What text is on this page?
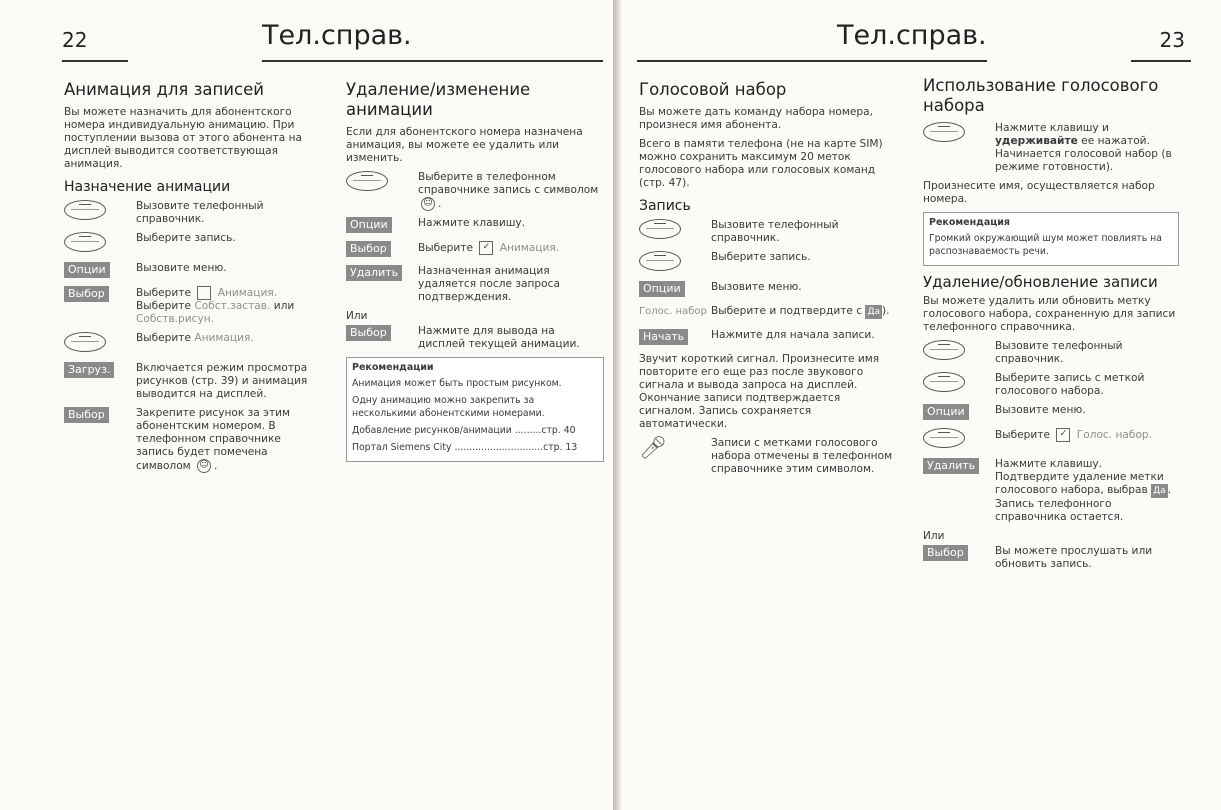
22	Тел.справ.
Анимация для записей

Вы можете назначить для абонентского номера индивидуальную анимацию. При поступлении вызова от этого абонента на дисплей выводится соответствующая анимация.

Назначение анимации
Вызовите телефонный справочник.
Выберите запись.
Опции	Вызовите меню.
Выбор	Выберите	Анимация.
Выберите Собст.застав. или
Собств.рисун.
Выберите Анимация.
Загруз.	Включается режим просмотра рисунков (стр. 39) и анимация выводится на дисплей.
Выбор	Закрепите рисунок за этим абонентским номером. В телефонном справочнике запись будет помечена символом ☺ .
Удаление/изменение анимации

Если для абонентского номера назначена анимация, вы можете ее удалить или изменить.

Выберите в телефонном справочнике запись с символом ☺ .
Опции	Нажмите клавишу.
Выбор	Выберите ✓ Анимация.
Удалить	Назначенная анимация удаляется после запроса подтверждения.
Или
Выбор	Нажмите для вывода на дисплей текущей анимации.
Рекомендации
Анимация может быть простым рисунком.
Одну анимацию можно закрепить за несколькими абонентскими номерами.
Добавление рисунков/анимации .........стр. 40
Портал Siemens City ..............................стр. 13
Тел.справ.	23
Голосовой набор

Вы можете дать команду набора номера, произнеся имя абонента.

Всего в памяти телефона (не на карте SIM) можно сохранить максимум 20 меток голосового набора или голосовых команд (стр. 47).

Запись
Вызовите телефонный справочник.
Выберите запись.
Опции	Вызовите меню.
Голос. набор Выберите и подтвердите с Да ).
Начать	Нажмите для начала записи.

Звучит короткий сигнал. Произнесите имя повторите его еще раз после звукового сигнала и вывода запроса на дисплей. Окончание записи подтверждается сигналом. Запись сохраняется автоматически.

🎤︎	Записи с метками голосового набора отмечены в телефонном справочнике этим символом.
Использование голосового набора
Нажмите клавишу и удерживайте ее нажатой. Начинается голосовой набор (в режиме готовности).

Произнесите имя, осуществляется набор номера.

Рекомендация
Громкий окружающий шум может повлиять на распознаваемость речи.
Удаление/обновление записи

Вы можете удалить или обновить метку голосового набора, сохраненную для записи телефонного справочника.

Вызовите телефонный справочник.
Выберите запись с меткой голосового набора.
Опции	Вызовите меню.
Выберите ✓ Голос. набор.
Удалить	Нажмите клавишу. Подтвердите удаление метки голосового набора, выбрав Да . Запись телефонного справочника остается.
Или
Выбор	Вы можете прослушать или обновить запись.
